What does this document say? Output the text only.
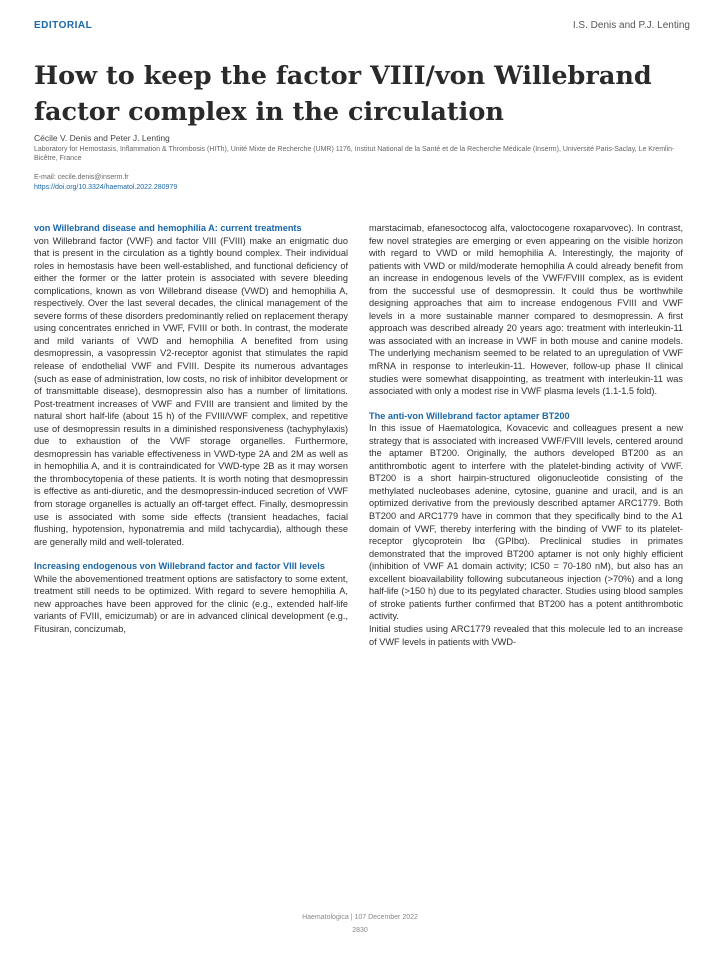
EDITORIAL	I.S. Denis and P.J. Lenting
How to keep the factor VIII/von Willebrand factor complex in the circulation
Cécile V. Denis and Peter J. Lenting
Laboratory for Hemostasis, Inflammation & Thrombosis (HITh), Unité Mixte de Recherche (UMR) 1176, Institut National de la Santé et de la Recherche Médicale (Inserm), Université Paris-Saclay, Le Kremlin-Bicêtre, France
E-mail: cecile.denis@inserm.fr
https://doi.org/10.3324/haematol.2022.280979
von Willebrand disease and hemophilia A: current treatments

von Willebrand factor (VWF) and factor VIII (FVIII) make an enigmatic duo that is present in the circulation as a tightly bound complex. Their individual roles in hemostasis have been well-established, and functional deficiency of either the former or the latter protein is associated with severe bleeding complications, known as von Willebrand disease (VWD) and hemophilia A, respectively. Over the last several decades, the clinical management of the severe forms of these disorders predominantly relied on replacement therapy using concentrates enriched in VWF, FVIII or both. In contrast, the moderate and mild variants of VWD and hemophilia A benefited from using desmopressin, a vasopressin V2-receptor agonist that stimulates the rapid release of endothelial VWF and FVIII. Despite its numerous advantages (such as ease of administration, low costs, no risk of inhibitor development or of transmittable disease), desmopressin also has a number of limitations. Post-treatment increases of VWF and FVIII are transient and limited by the natural short half-life (about 15 h) of the FVIII/VWF complex, and repetitive use of desmopressin results in a diminished responsiveness (tachyphylaxis) due to exhaustion of the VWF storage organelles. Furthermore, desmopressin has variable effectiveness in VWD-type 2A and 2M as well as in hemophilia A, and it is contraindicated for VWD-type 2B as it may worsen the thrombocytopenia of these patients. It is worth noting that desmopressin is effective as anti-diuretic, and the desmopressin-induced secretion of VWF from storage organelles is actually an off-target effect. Finally, desmopressin use is associated with some side effects (transient headaches, facial flushing, hypotension, hyponatremia and mild tachycardia), although these are generally mild and well-tolerated.

Increasing endogenous von Willebrand factor and factor VIII levels

While the abovementioned treatment options are satisfactory to some extent, treatment still needs to be optimized. With regard to severe hemophilia A, new approaches have been approved for the clinic (e.g., extended half-life variants of FVIII, emicizumab) or are in advanced clinical development (e.g., Fitusiran, concizumab,

marstacimab, efanesoctocog alfa, valoctocogene roxaparvovec). In contrast, few novel strategies are emerging or even appearing on the visible horizon with regard to VWD or mild hemophilia A. Interestingly, the majority of patients with VWD or mild/moderate hemophilia A could already benefit from an increase in endogenous levels of the VWF/FVIII complex, as is evident from the successful use of desmopressin. It could thus be worthwhile designing approaches that aim to increase endogenous FVIII and VWF levels in a more sustainable manner compared to desmopressin. A first approach was described already 20 years ago: treatment with interleukin-11 was associated with an increase in VWF in both mouse and canine models. The underlying mechanism seemed to be related to an upregulation of VWF mRNA in response to interleukin-11. However, follow-up phase II clinical studies were somewhat disappointing, as treatment with interleukin-11 was associated with only a modest rise in VWF plasma levels (1.1-1.5 fold).

The anti-von Willebrand factor aptamer BT200

In this issue of Haematologica, Kovacevic and colleagues present a new strategy that is associated with increased VWF/FVIII levels, centered around the aptamer BT200. Originally, the authors developed BT200 as an antithrombotic agent to interfere with the platelet-binding activity of VWF. BT200 is a short hairpin-structured oligonucleotide consisting of the methylated nucleobases adenine, cytosine, guanine and uracil, and is an optimized derivative from the previously described aptamer ARC1779. Both BT200 and ARC1779 have in common that they specifically bind to the A1 domain of VWF, thereby interfering with the binding of VWF to its platelet-receptor glycoprotein Ibα (GPIbα). Preclinical studies in primates demonstrated that the improved BT200 aptamer is not only highly efficient (inhibition of VWF A1 domain activity; IC50 = 70-180 nM), but also has an excellent bioavailability following subcutaneous injection (>70%) and a long half-life (>150 h) due to its pegylated character. Studies using blood samples of stroke patients further confirmed that BT200 has a potent antithrombotic activity.

Initial studies using ARC1779 revealed that this molecule led to an increase of VWF levels in patients with VWD-

Haematologica | 107 December 2022
2830
